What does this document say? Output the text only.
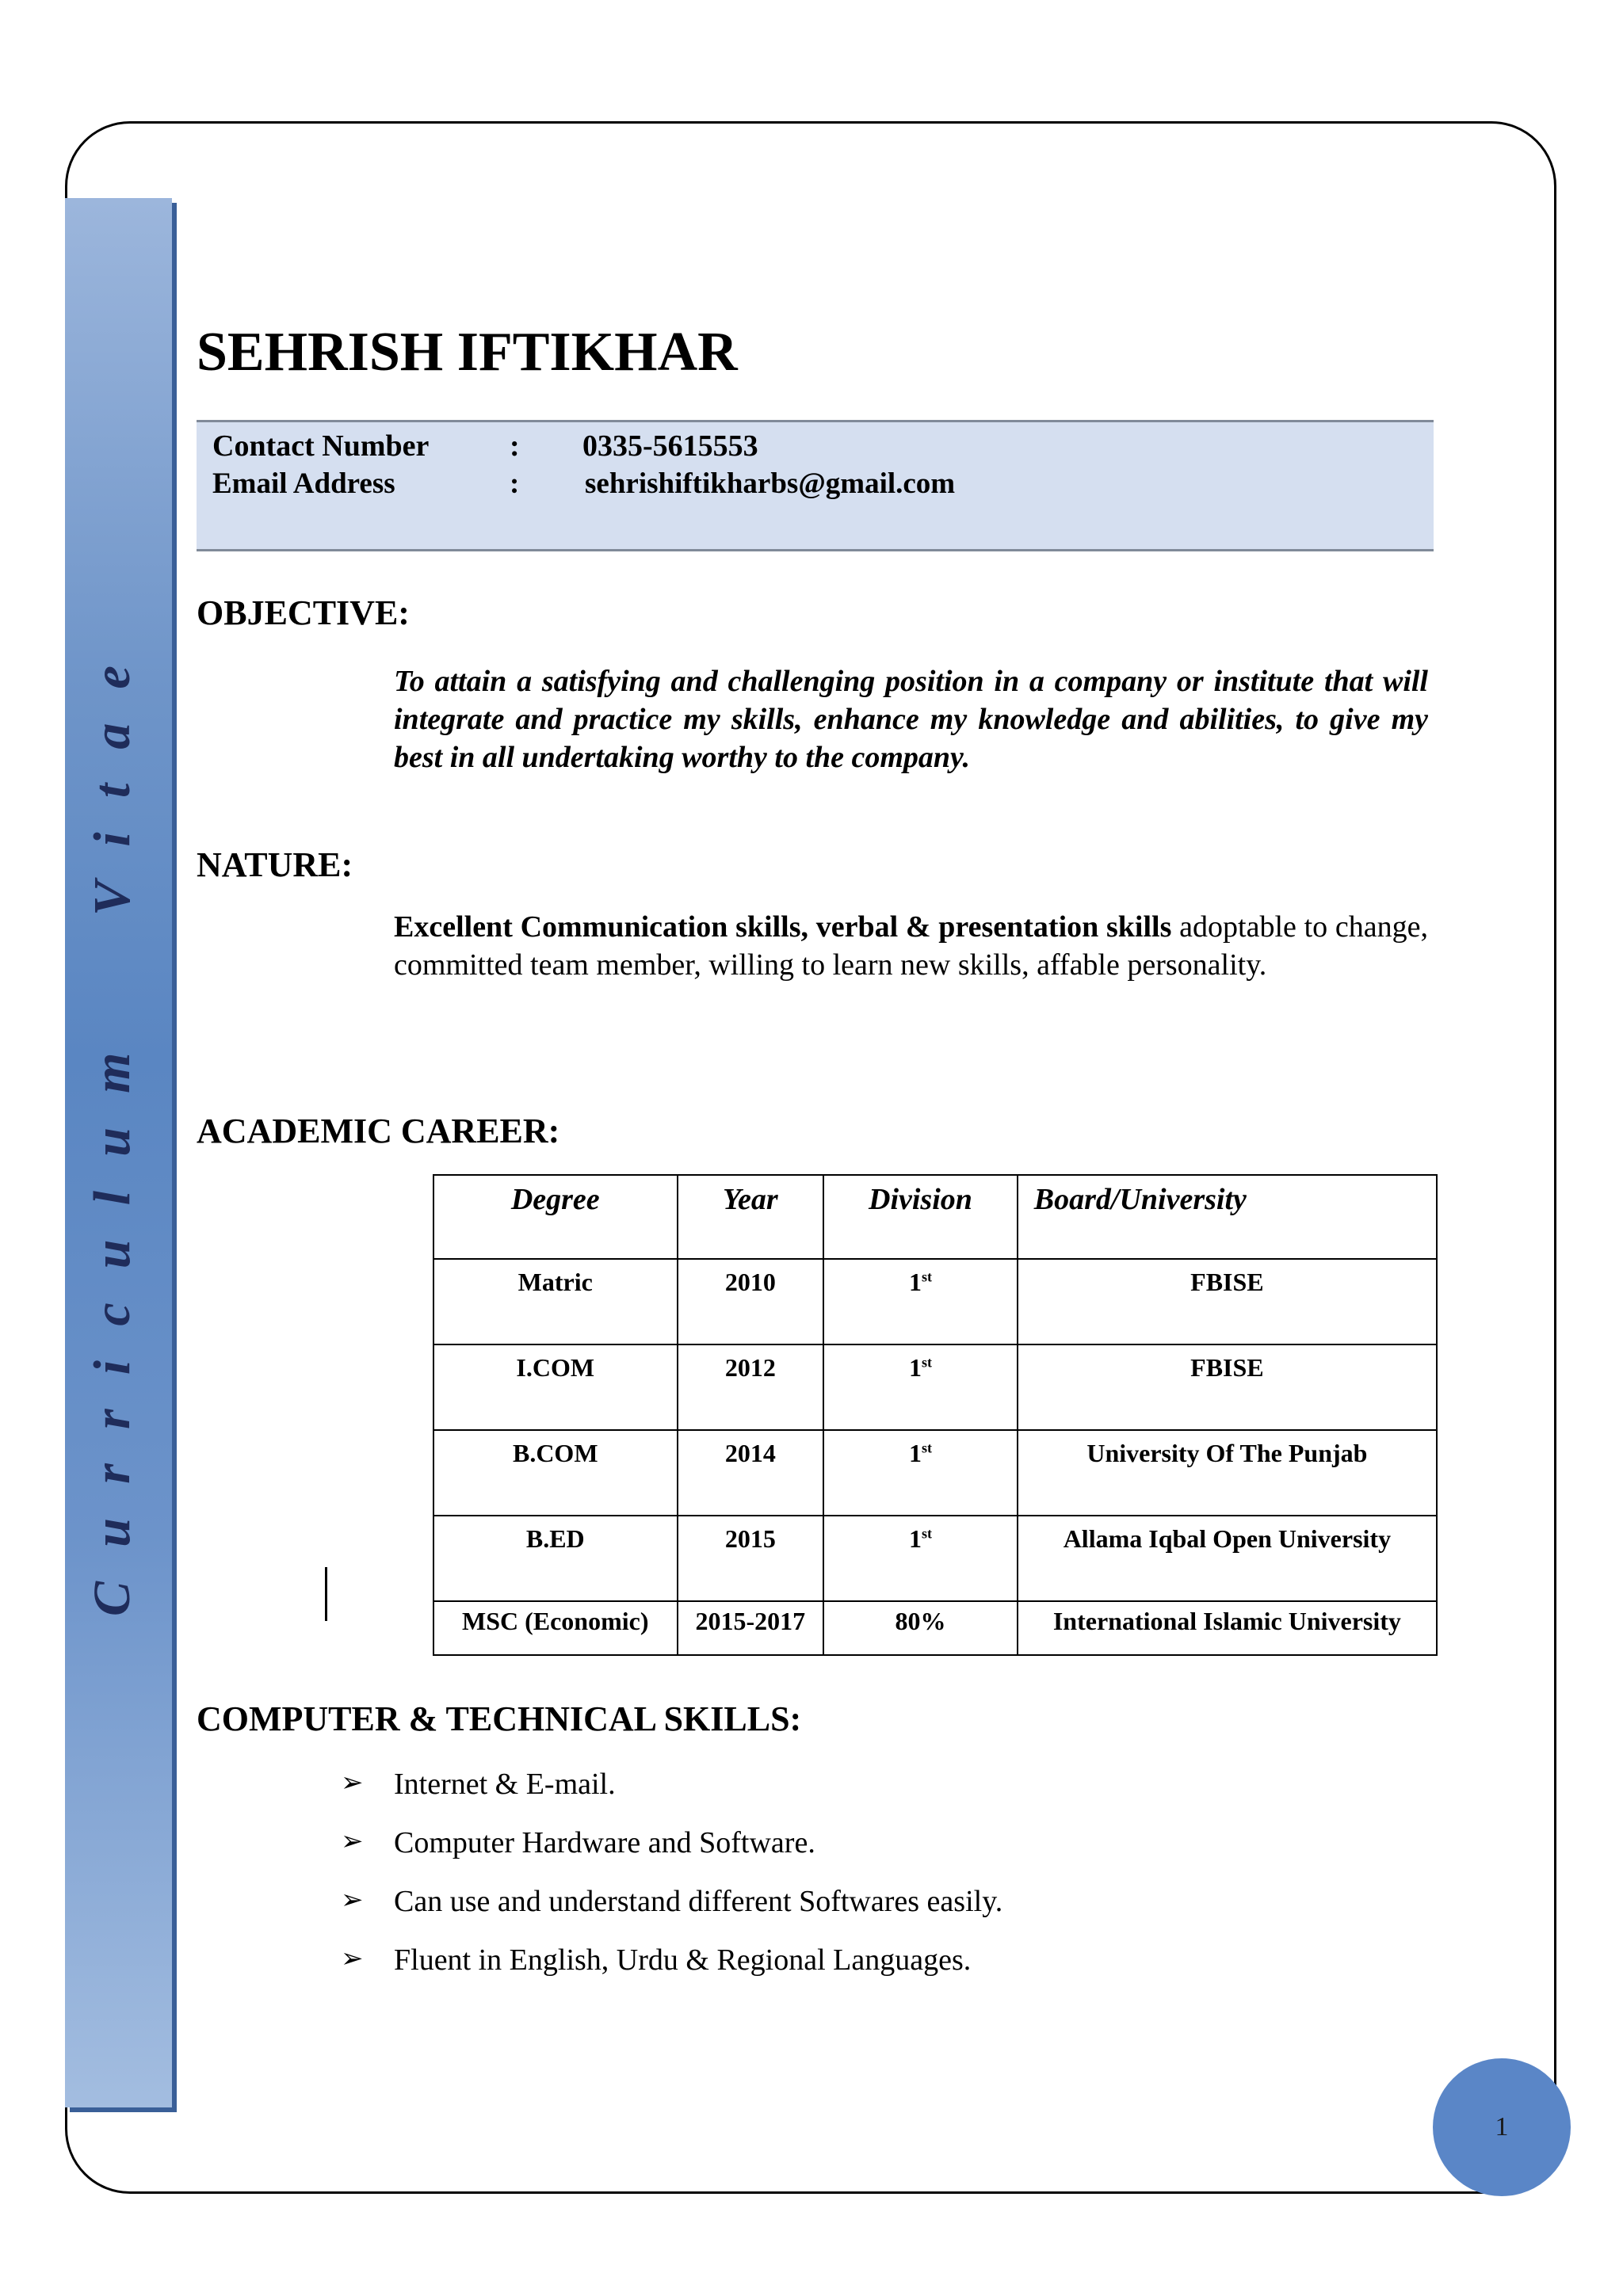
C
u
r
r
i
c
u
l
u
m
V
i
t
a
e
SEHRISH IFTIKHAR
Contact Number	: 0335-5615553
Email Address	: sehrishiftikharbs@gmail.com
OBJECTIVE:
To attain a satisfying and challenging position in a company or institute that will integrate and practice my skills, enhance my knowledge and abilities, to give my best in all undertaking worthy to the company.
NATURE:
Excellent Communication skills, verbal & presentation skills adoptable to change, committed team member, willing to learn new skills, affable personality.
ACADEMIC CAREER:
Degree	Year	Division	Board/University
Matric	2010	1st	FBISE
I.COM	2012	1st	FBISE
B.COM	2014	1st	University Of The Punjab
B.ED	2015	1st	Allama Iqbal Open University
MSC (Economic)	2015-2017	80%	International Islamic University
COMPUTER & TECHNICAL SKILLS:
➢ Internet & E-mail.
➢ Computer Hardware and Software.
➢ Can use and understand different Softwares easily.
➢ Fluent in English, Urdu & Regional Languages.
1
